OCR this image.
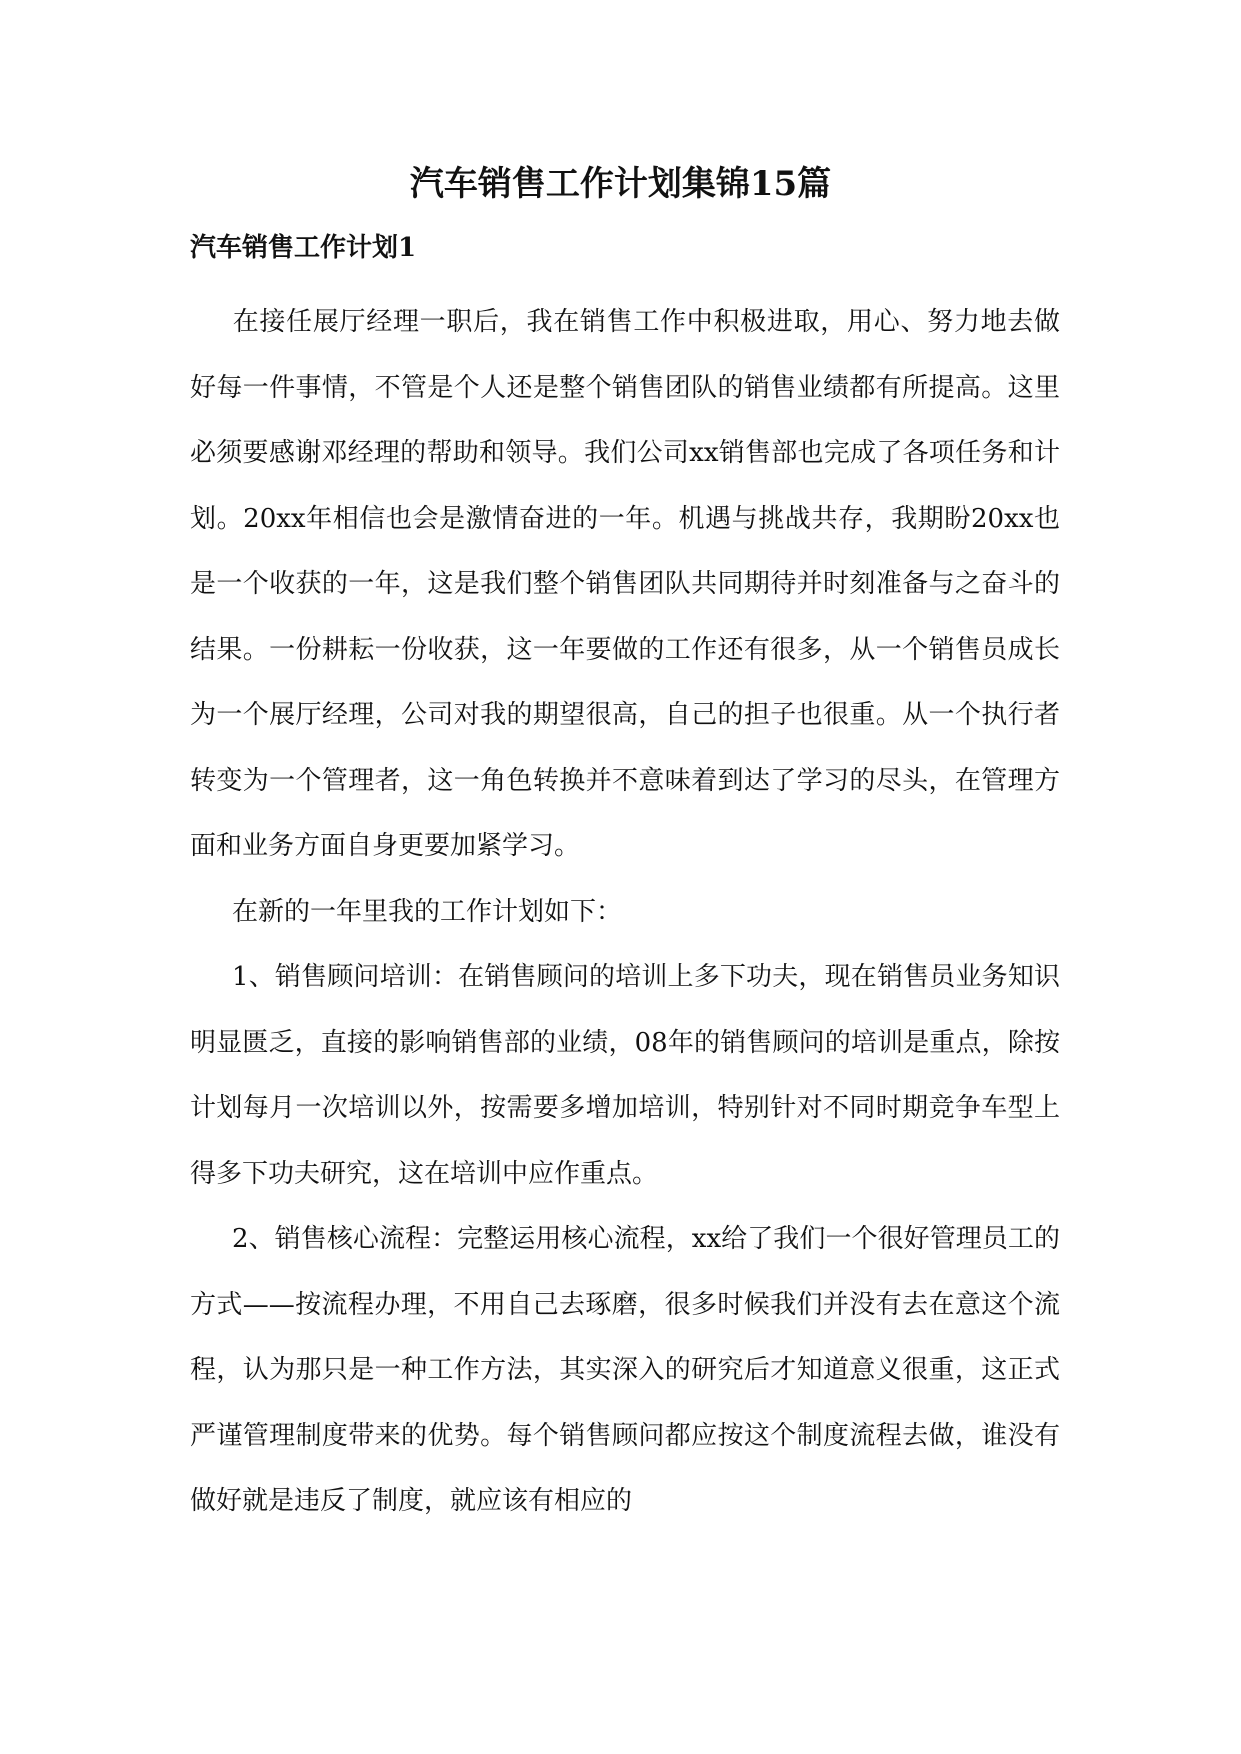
汽车销售工作计划集锦15篇
汽车销售工作计划1

在接任展厅经理一职后，我在销售工作中积极进取，用心、努力地去做好每一件事情，不管是个人还是整个销售团队的销售业绩都有所提高。这里必须要感谢邓经理的帮助和领导。我们公司xx销售部也完成了各项任务和计划。20xx年相信也会是激情奋进的一年。机遇与挑战共存，我期盼20xx也是一个收获的一年，这是我们整个销售团队共同期待并时刻准备与之奋斗的结果。一份耕耘一份收获，这一年要做的工作还有很多，从一个销售员成长为一个展厅经理，公司对我的期望很高，自己的担子也很重。从一个执行者转变为一个管理者，这一角色转换并不意味着到达了学习的尽头，在管理方面和业务方面自身更要加紧学习。

在新的一年里我的工作计划如下：

1、销售顾问培训：在销售顾问的培训上多下功夫，现在销售员业务知识明显匮乏，直接的影响销售部的业绩，08年的销售顾问的培训是重点，除按计划每月一次培训以外，按需要多增加培训，特别针对不同时期竞争车型上得多下功夫研究，这在培训中应作重点。

2、销售核心流程：完整运用核心流程，xx给了我们一个很好管理员工的方式——按流程办理，不用自己去琢磨，很多时候我们并没有去在意这个流程，认为那只是一种工作方法，其实深入的研究后才知道意义很重，这正式严谨管理制度带来的优势。每个销售顾问都应按这个制度流程去做，谁没有做好就是违反了制度，就应该有相应的
